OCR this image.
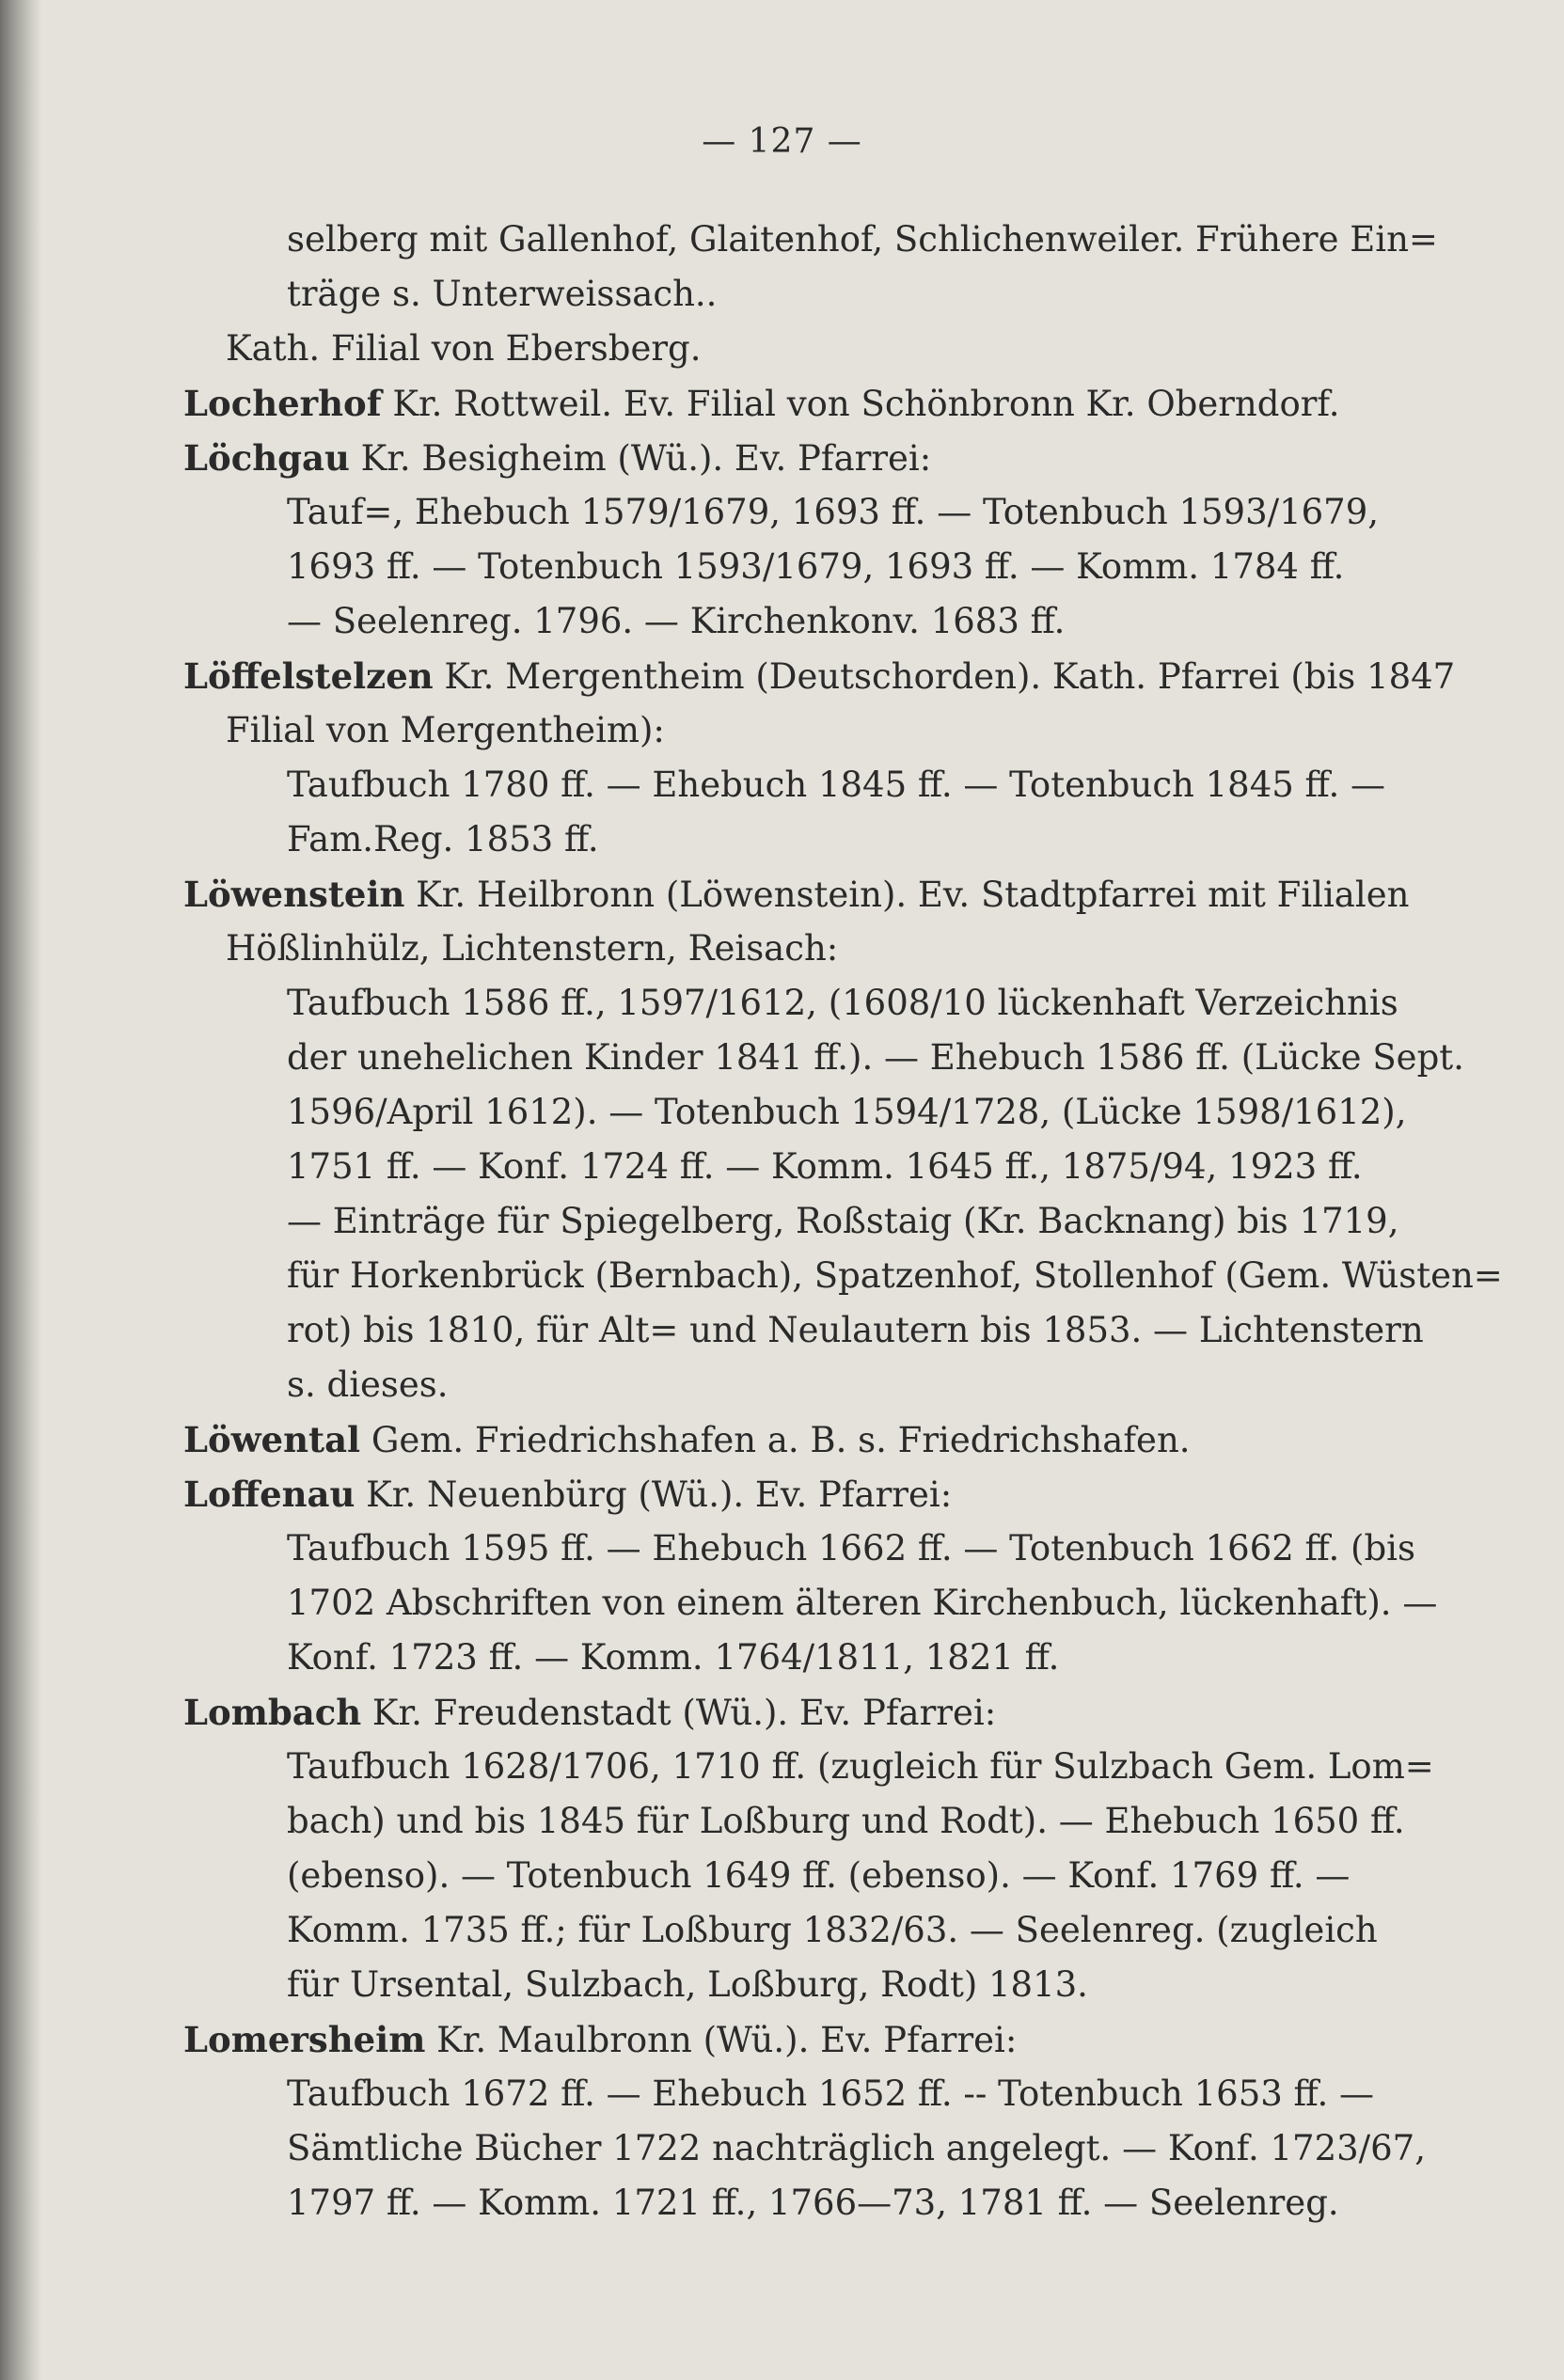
— 127 —
selberg mit Gallenhof, Glaitenhof, Schlichenweiler. Frühere Ein=
träge s. Unterweissach..
Kath. Filial von Ebersberg.
Locherhof Kr. Rottweil. Ev. Filial von Schönbronn Kr. Oberndorf.
Löchgau Kr. Besigheim (Wü.). Ev. Pfarrei:
Tauf=, Ehebuch 1579/1679, 1693 ff. — Totenbuch 1593/1679,
1693 ff. — Totenbuch 1593/1679, 1693 ff. — Komm. 1784 ff.
— Seelenreg. 1796. — Kirchenkonv. 1683 ff.
Löffelstelzen Kr. Mergentheim (Deutschorden). Kath. Pfarrei (bis 1847
Filial von Mergentheim):
Taufbuch 1780 ff. — Ehebuch 1845 ff. — Totenbuch 1845 ff. —
Fam.Reg. 1853 ff.
Löwenstein Kr. Heilbronn (Löwenstein). Ev. Stadtpfarrei mit Filialen
Hößlinhülz, Lichtenstern, Reisach:
Taufbuch 1586 ff., 1597/1612, (1608/10 lückenhaft Verzeichnis
der unehelichen Kinder 1841 ff.). — Ehebuch 1586 ff. (Lücke Sept.
1596/April 1612). — Totenbuch 1594/1728, (Lücke 1598/1612),
1751 ff. — Konf. 1724 ff. — Komm. 1645 ff., 1875/94, 1923 ff.
— Einträge für Spiegelberg, Roßstaig (Kr. Backnang) bis 1719,
für Horkenbrück (Bernbach), Spatzenhof, Stollenhof (Gem. Wüsten=
rot) bis 1810, für Alt= und Neulautern bis 1853. — Lichtenstern
s. dieses.
Löwental Gem. Friedrichshafen a. B. s. Friedrichshafen.
Loffenau Kr. Neuenbürg (Wü.). Ev. Pfarrei:
Taufbuch 1595 ff. — Ehebuch 1662 ff. — Totenbuch 1662 ff. (bis
1702 Abschriften von einem älteren Kirchenbuch, lückenhaft). —
Konf. 1723 ff. — Komm. 1764/1811, 1821 ff.
Lombach Kr. Freudenstadt (Wü.). Ev. Pfarrei:
Taufbuch 1628/1706, 1710 ff. (zugleich für Sulzbach Gem. Lom=
bach) und bis 1845 für Loßburg und Rodt). — Ehebuch 1650 ff.
(ebenso). — Totenbuch 1649 ff. (ebenso). — Konf. 1769 ff. —
Komm. 1735 ff.; für Loßburg 1832/63. — Seelenreg. (zugleich
für Ursental, Sulzbach, Loßburg, Rodt) 1813.
Lomersheim Kr. Maulbronn (Wü.). Ev. Pfarrei:
Taufbuch 1672 ff. — Ehebuch 1652 ff. -- Totenbuch 1653 ff. —
Sämtliche Bücher 1722 nachträglich angelegt. — Konf. 1723/67,
1797 ff. — Komm. 1721 ff., 1766—73, 1781 ff. — Seelenreg.
